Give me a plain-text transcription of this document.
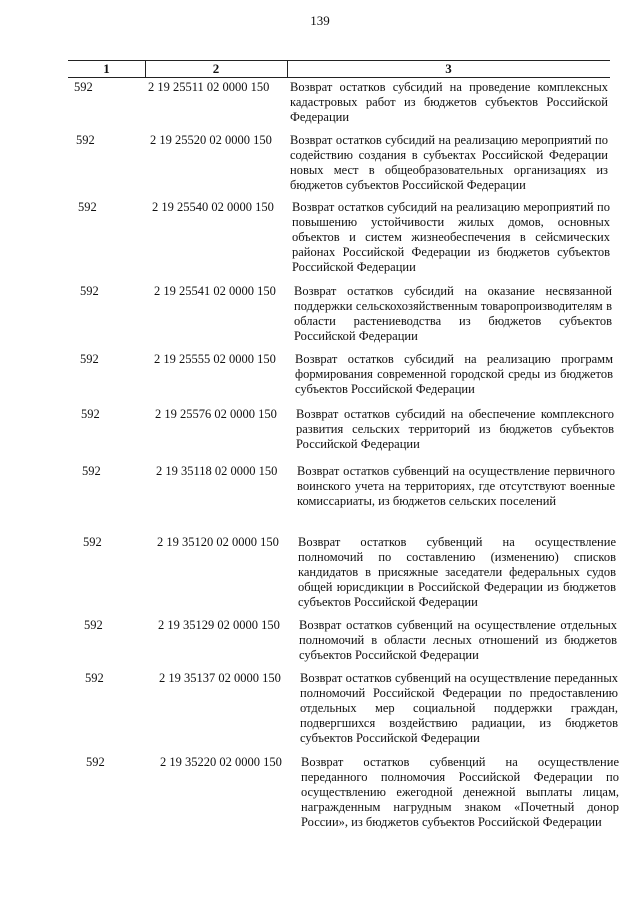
139
1	2	3
592	2 19 25511 02 0000 150 Возврат остатков субсидий на проведение комплексных кадастровых работ из бюджетов субъектов Российской Федерации
592	2 19 25520 02 0000 150 Возврат остатков субсидий на реализацию мероприятий по содействию создания в субъектах Российской Федерации новых мест в общеобразовательных организациях из бюджетов субъектов Российской Федерации
592	2 19 25540 02 0000 150 Возврат остатков субсидий на реализацию мероприятий по повышению устойчивости жилых домов, основных объектов и систем жизнеобеспечения в сейсмических районах Российской Федерации из бюджетов субъектов Российской Федерации
592	2 19 25541 02 0000 150 Возврат остатков субсидий на оказание несвязанной поддержки сельскохозяйственным товаропроизводителям в области растениеводства из бюджетов субъектов Российской Федерации
592	2 19 25555 02 0000 150 Возврат остатков субсидий на реализацию программ формирования современной городской среды из бюджетов субъектов Российской Федерации
592	2 19 25576 02 0000 150 Возврат остатков субсидий на обеспечение комплексного развития сельских территорий из бюджетов субъектов Российской Федерации
592	2 19 35118 02 0000 150 Возврат остатков субвенций на осуществление первичного воинского учета на территориях, где отсутствуют военные комиссариаты, из бюджетов сельских поселений
592	2 19 35120 02 0000 150 Возврат остатков субвенций на осуществление полномочий по составлению (изменению) списков кандидатов в присяжные заседатели федеральных судов общей юрисдикции в Российской Федерации из бюджетов субъектов Российской Федерации
592	2 19 35129 02 0000 150 Возврат остатков субвенций на осуществление отдельных полномочий в области лесных отношений из бюджетов субъектов Российской Федерации
592	2 19 35137 02 0000 150 Возврат остатков субвенций на осуществление переданных полномочий Российской Федерации по предоставлению отдельных мер социальной поддержки граждан, подвергшихся воздействию радиации, из бюджетов субъектов Российской Федерации
592	2 19 35220 02 0000 150 Возврат остатков субвенций на осуществление переданного полномочия Российской Федерации по осуществлению ежегодной денежной выплаты лицам, награжденным нагрудным знаком «Почетный донор России», из бюджетов субъектов Российской Федерации
